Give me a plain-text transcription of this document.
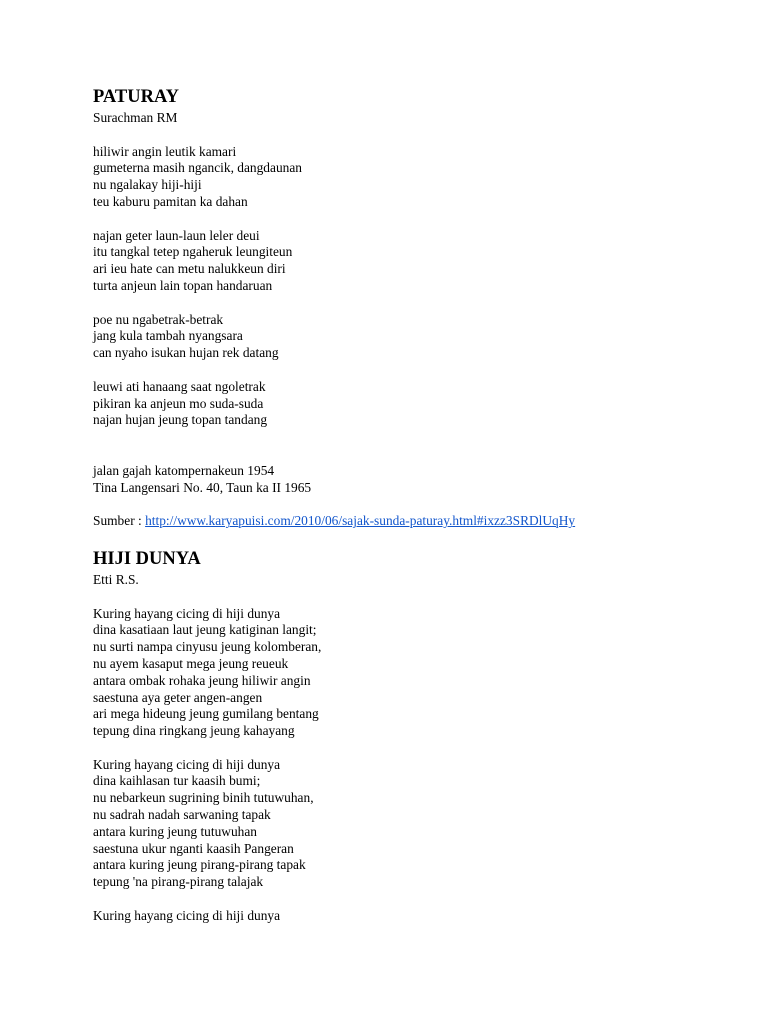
PATURAY
Surachman RM
hiliwir angin leutik kamari
gumeterna masih ngancik, dangdaunan
nu ngalakay hiji-hiji
teu kaburu pamitan ka dahan
najan geter laun-laun leler deui
itu tangkal tetep ngaheruk leungiteun
ari ieu hate can metu nalukkeun diri
turta anjeun lain topan handaruan
poe nu ngabetrak-betrak
jang kula tambah nyangsara
can nyaho isukan hujan rek datang
leuwi ati hanaang saat ngoletrak
pikiran ka anjeun mo suda-suda
najan hujan jeung topan tandang
jalan gajah katompernakeun 1954
Tina Langensari No. 40, Taun ka II 1965
Sumber : http://www.karyapuisi.com/2010/06/sajak-sunda-paturay.html#ixzz3SRDlUqHy
HIJI DUNYA
Etti R.S.
Kuring hayang cicing di hiji dunya
dina kasatiaan laut jeung katiginan langit;
nu surti nampa cinyusu jeung kolomberan,
nu ayem kasaput mega jeung reueuk
antara ombak rohaka jeung hiliwir angin
saestuna aya geter angen-angen
ari mega hideung jeung gumilang bentang
tepung dina ringkang jeung kahayang
Kuring hayang cicing di hiji dunya
dina kaihlasan tur kaasih bumi;
nu nebarkeun sugrining binih tutuwuhan,
nu sadrah nadah sarwaning tapak
antara kuring jeung tutuwuhan
saestuna ukur nganti kaasih Pangeran
antara kuring jeung pirang-pirang tapak
tepung 'na pirang-pirang talajak
Kuring hayang cicing di hiji dunya
